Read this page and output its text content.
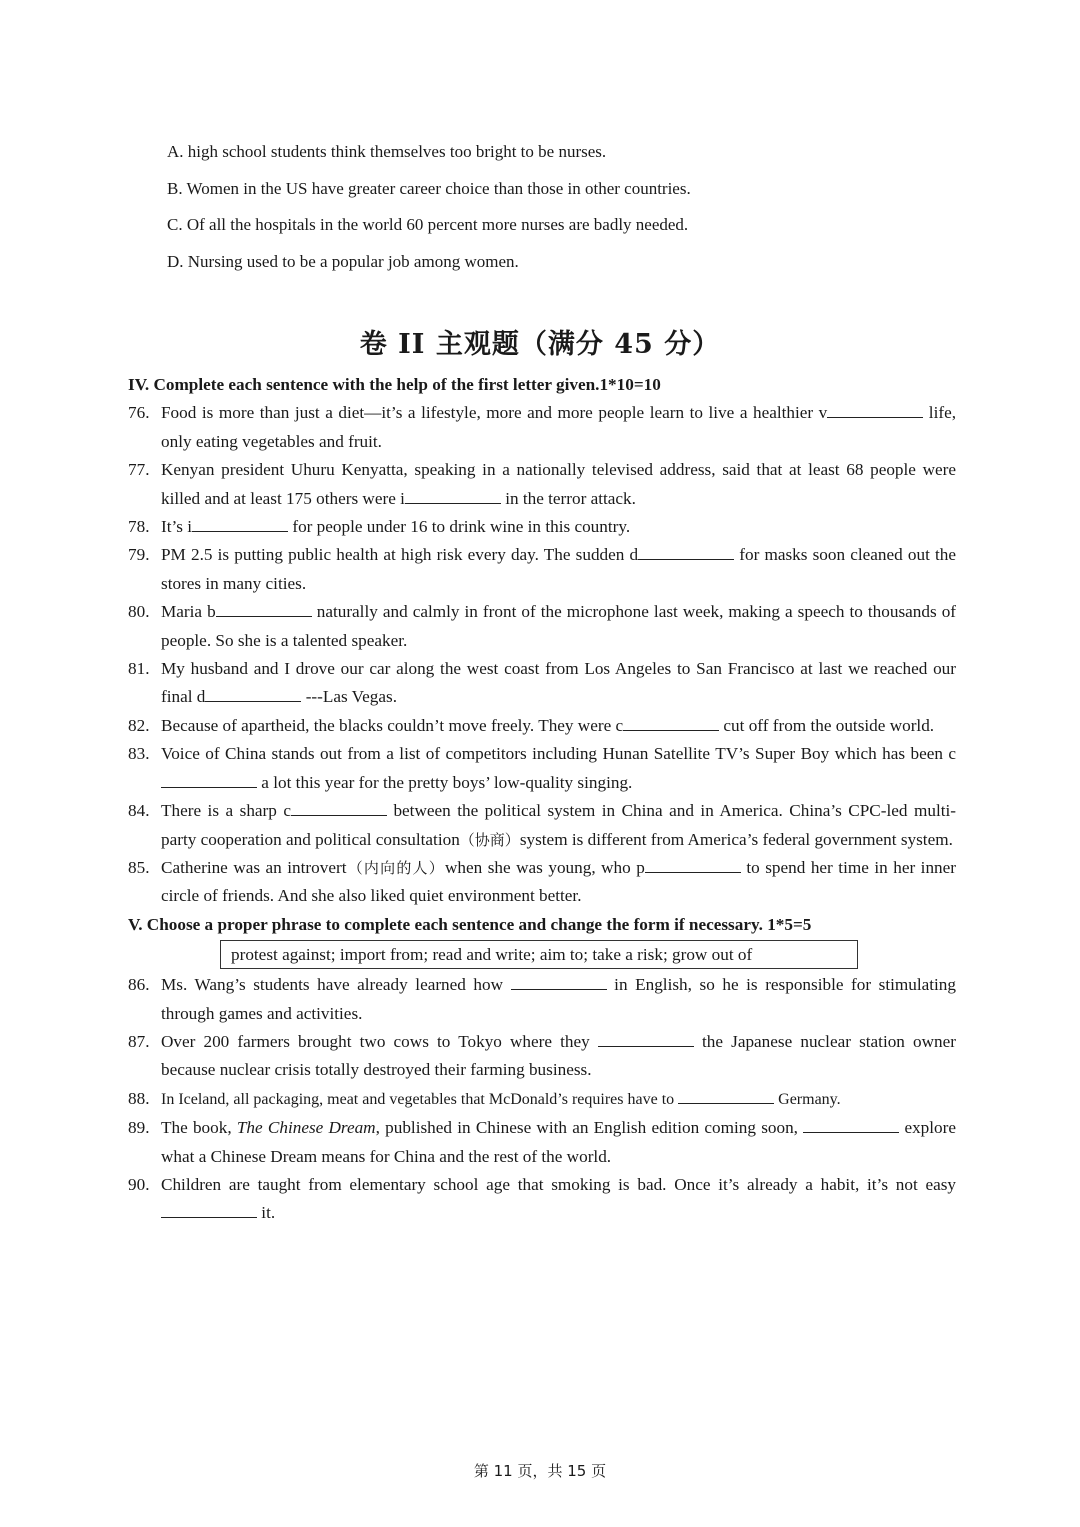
A. high school students think themselves too bright to be nurses.
B. Women in the US have greater career choice than those in other countries.
C. Of all the hospitals in the world 60 percent more nurses are badly needed.
D. Nursing used to be a popular job among women.
卷 II 主观题（满分 45 分）
IV. Complete each sentence with the help of the first letter given.1*10=10
76. Food is more than just a diet—it’s a lifestyle, more and more people learn to live a healthier v	life, only eating vegetables and fruit.
77. Kenyan president Uhuru Kenyatta, speaking in a nationally televised address, said that at least 68 people were killed and at least 175 others were i	in the terror attack.
78. It’s i	for people under 16 to drink wine in this country.
79. PM 2.5 is putting public health at high risk every day. The sudden d	for masks soon cleaned out the stores in many cities.
80. Maria b	naturally and calmly in front of the microphone last week, making a speech to thousands of people. So she is a talented speaker.
81. My husband and I drove our car along the west coast from Los Angeles to San Francisco at last we reached our final d	---Las Vegas.
82. Because of apartheid, the blacks couldn’t move freely. They were c	cut off from the outside world.
83. Voice of China stands out from a list of competitors including Hunan Satellite TV’s Super Boy which has been c a lot this year for the pretty boys’ low-quality singing.
84. There is a sharp c	between the political system in China and in America. China’s CPC-led multi-party cooperation and political consultation（协商）system is different from America’s federal government system.
85. Catherine was an introvert（内向的人）when she was young, who p	to spend her time in her inner circle of friends. And she also liked quiet environment better.
V. Choose a proper phrase to complete each sentence and change the form if necessary. 1*5=5
protest against; import from; read and write; aim to; take a risk; grow out of
86. Ms. Wang’s students have already learned how	in English, so he is responsible for stimulating through games and activities.
87. Over 200 farmers brought two cows to Tokyo where they	the Japanese nuclear station owner because nuclear crisis totally destroyed their farming business.
88. In Iceland, all packaging, meat and vegetables that McDonald’s requires have to	Germany.
89. The book, The Chinese Dream, published in Chinese with an English edition coming soon,	explore what a Chinese Dream means for China and the rest of the world.
90. Children are taught from elementary school age that smoking is bad. Once it’s already a habit, it’s not easy  it.
第 11 页，共 15 页
